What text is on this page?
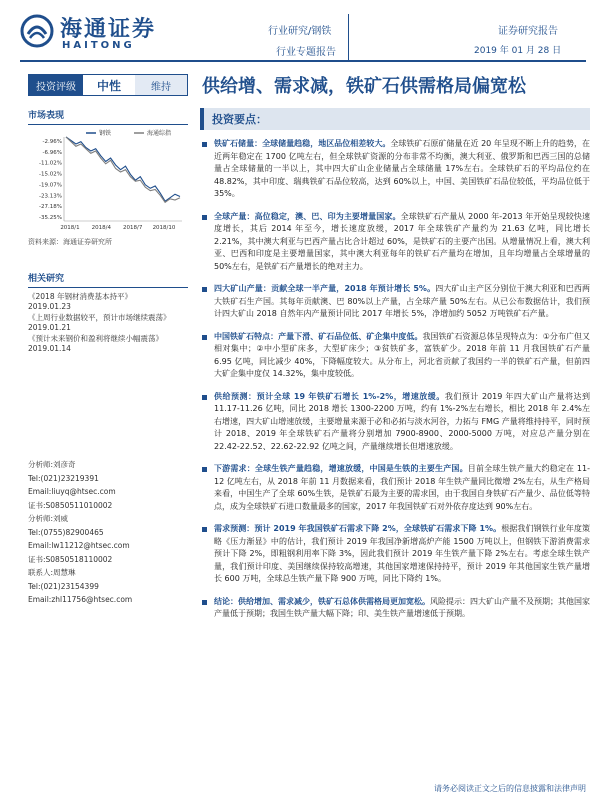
海通证券
HAITONG
行业研究/钢铁
行业专题报告
证券研究报告
2019 年 01 月 28 日
投资评级	中性	维持	供给增、需求减，铁矿石供需格局偏宽松
市场表现
-2.96%
-6.96%
-11.02%
-15.02%
-19.07%
-23.13%
-27.18%
-35.25%
2018/1 2018/4 2018/7 2018/10
钢铁	海通综指
资料来源：海通证券研究所
相关研究
《2018 年钢材消费基本持平》
2019.01.23
《上周行业数据较平，预计市场继续震荡》
2019.01.21
《预计未来钢价和盈利将继续小幅震荡》
2019.01.14
分析师:刘彦奇
Tel:(021)23219391
Email:liuyq@htsec.com
证书:S0850511010002
分析师:刘威
Tel:(0755)82900465
Email:lw11212@htsec.com
证书:S0850518110002
联系人:周慧琳
Tel:(021)23154399
Email:zhl11756@htsec.com
投资要点：
铁矿石储量：全球储量趋稳，地区品位相差较大。全球铁矿石原矿储量在近 20 年呈现不断上升的趋势，在近两年稳定在 1700 亿吨左右，但全球铁矿资源的分布非常不均衡，澳大利亚、俄罗斯和巴西三国的总储量占全球储量的一半以上，其中四大矿山企业储量占全球储量 17%左右。全球铁矿石的平均品位约在 48.82%，其中印度、瑞典铁矿石品位较高，达到 60%以上，中国、美国铁矿石品位较低，平均品位低于 35%。
全球产量：高位稳定，澳、巴、印为主要增量国家。全球铁矿石产量从 2000 年-2013 年开始呈现较快速度增长，其后 2014 年至今，增长速度放缓，2017 年全球铁矿产量约为 21.63 亿吨，同比增长 2.21%，其中澳大利亚与巴西产量占比合计超过 60%，是铁矿石的主要产出国。从增量情况上看，澳大利亚、巴西和印度是主要增量国家，其中澳大利亚每年的铁矿石产量均在增加，且年均增量占全球增量的 50%左右，是铁矿石产量增长的绝对主力。
四大矿山产量：贡献全球一半产量，2018 年预计增长 5%。四大矿山主产区分别位于澳大利亚和巴西两大铁矿石生产国。其每年贡献澳、巴 80%以上产量，占全球产量 50%左右。从已公布数据估计，我们预计四大矿山 2018 自然年内产量预计同比 2017 年增长 5%，净增加约 5052 万吨铁矿石产量。
中国铁矿石特点：产量下滑、矿石品位低、矿企集中度低。我国铁矿石资源总体呈现特点为：①分布广但又相对集中；②中小型矿床多，大型矿床少；③贫铁矿多，富铁矿少。2018 年前 11 月我国铁矿石产量 6.95 亿吨，同比减少 40%，下降幅度较大。从分布上，河北省贡献了我国约一半的铁矿石产量，但前四大矿企集中度仅 14.32%，集中度较低。
供给预测：预计全球 19 年铁矿石增长 1%-2%，增速放缓。我们预计 2019 年四大矿山产量将达到 11.17-11.26 亿吨，同比 2018 增长 1300-2200 万吨，约有 1%-2%左右增长，相比 2018 年 2.4%左右增速，四大矿山增速放缓，主要增量来源于必和必拓与淡水河谷，力拓与 FMG 产量将维持持平，同时预计 2018、2019 年全球铁矿石产量将分别增加 7900-8900、2000-5000 万吨，对应总产量分别在 22.42-22.52、22.62-22.92 亿吨之间，产量继续增长但增速放缓。
下游需求：全球生铁产量趋稳，增速放缓，中国是生铁的主要生产国。目前全球生铁产量大约稳定在 11-12 亿吨左右，从 2018 年前 11 月数据来看，我们预计 2018 年生铁产量同比微增 2%左右，从生产格局来看，中国生产了全球 60%生铁，是铁矿石最为主要的需求国，由于我国自身铁矿石产量少、品位低等特点，成为全球铁矿石进口数量最多的国家，2017 年我国铁矿石对外依存度达到 90%左右。
需求预测：预计 2019 年我国铁矿石需求下降 2%，全球铁矿石需求下降 1%。根据我们钢铁行业年度策略《压力渐显》中的估计，我们预计 2019 年我国净新增高炉产能 1500 万吨以上，但钢铁下游消费需求预计下降 2%，即粗钢利用率下降 3%，因此我们预计 2019 年生铁产量下降 2%左右。考虑全球生铁产量，我们预计印度、美国继续保持较高增速，其他国家增速保持持平，预计 2019 年其他国家生铁产量增长 600 万吨，全球总生铁产量下降 900 万吨，同比下降约 1%。
结论：供给增加、需求减少，铁矿石总体供需格局更加宽松。风险提示：四大矿山产量不及预期；其他国家产量低于预期；我国生铁产量大幅下降；印、美生铁产量增速低于预期。
请务必阅读正文之后的信息披露和法律声明
